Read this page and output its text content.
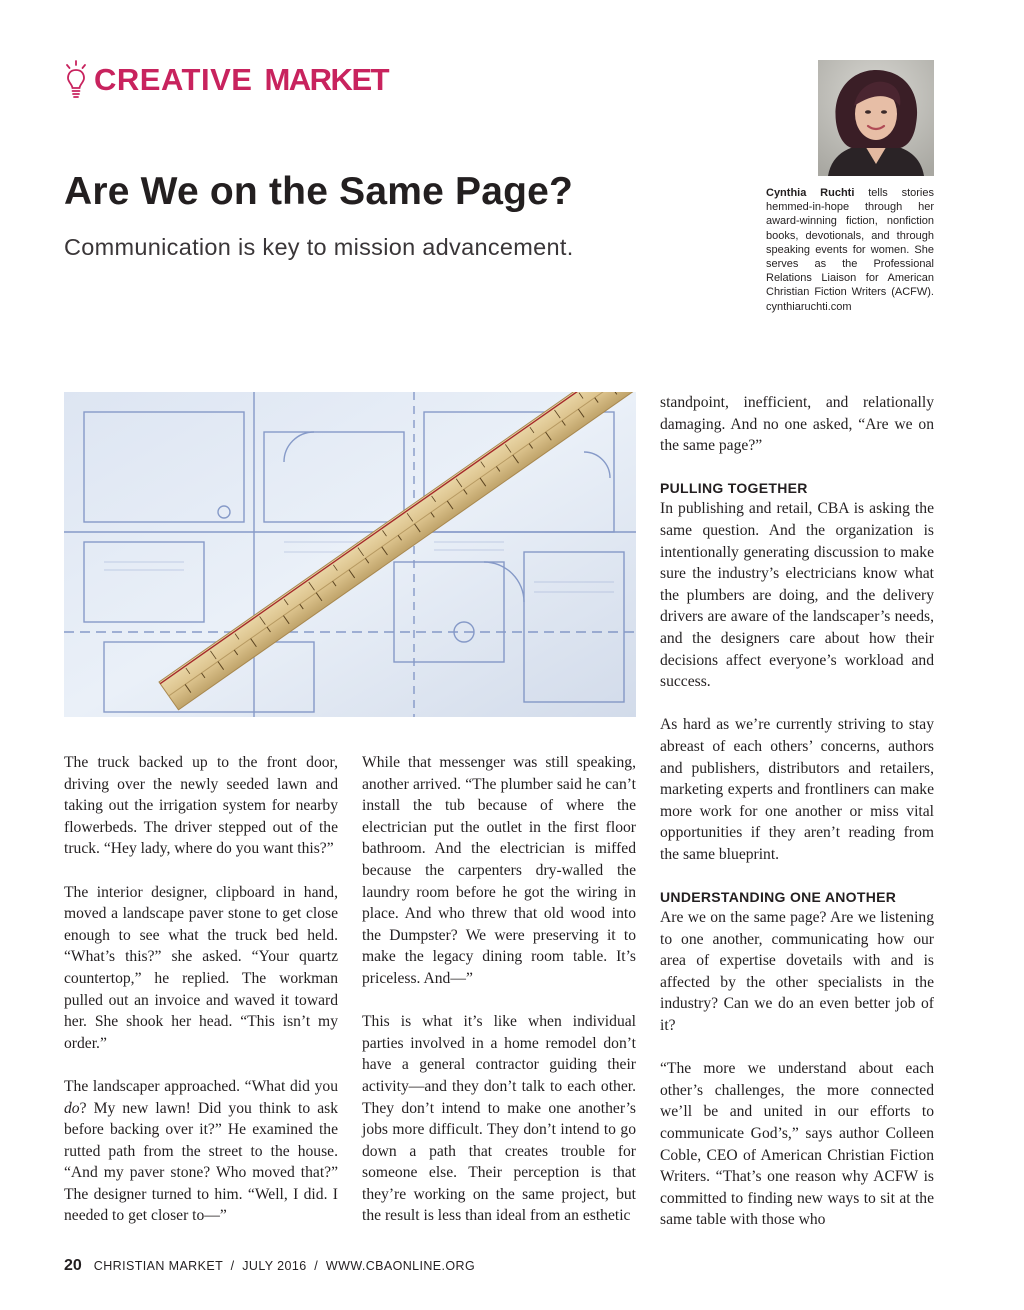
CREATIVE MARKET
Are We on the Same Page?

Communication is key to mission advancement.

Cynthia Ruchti tells stories hemmed-in-hope through her award-winning fiction, nonfiction books, devotionals, and through speaking events for women. She serves as the Professional Relations Liaison for American Christian Fiction Writers (ACFW). cynthiaruchti.com

The truck backed up to the front door, driving over the newly seeded lawn and taking out the irrigation system for nearby flowerbeds. The driver stepped out of the truck. “Hey lady, where do you want this?”

The interior designer, clipboard in hand, moved a landscape paver stone to get close enough to see what the truck bed held. “What’s this?” she asked. “Your quartz countertop,” he replied. The workman pulled out an invoice and waved it toward her. She shook her head. “This isn’t my order.”

The landscaper approached. “What did you do? My new lawn! Did you think to ask before backing over it?” He examined the rutted path from the street to the house. “And my paver stone? Who moved that?” The designer turned to him. “Well, I did. I needed to get closer to—”

While that messenger was still speaking, another arrived. “The plumber said he can’t install the tub because of where the electrician put the outlet in the first floor bathroom. And the electrician is miffed because the carpenters dry-walled the laundry room before he got the wiring in place. And who threw that old wood into the Dumpster? We were preserving it to make the legacy dining room table. It’s priceless. And—”

This is what it’s like when individual parties involved in a home remodel don’t have a general contractor guiding their activity—and they don’t talk to each other. They don’t intend to make one another’s jobs more difficult. They don’t intend to go down a path that creates trouble for someone else. Their perception is that they’re working on the same project, but the result is less than ideal from an esthetic

standpoint, inefficient, and relationally damaging. And no one asked, “Are we on the same page?”

PULLING TOGETHER

In publishing and retail, CBA is asking the same question. And the organization is intentionally generating discussion to make sure the industry’s electricians know what the plumbers are doing, and the delivery drivers are aware of the landscaper’s needs, and the designers care about how their decisions affect everyone’s workload and success.

As hard as we’re currently striving to stay abreast of each others’ concerns, authors and publishers, distributors and retailers, marketing experts and frontliners can make more work for one another or miss vital opportunities if they aren’t reading from the same blueprint.

UNDERSTANDING ONE ANOTHER

Are we on the same page? Are we listening to one another, communicating how our area of expertise dovetails with and is affected by the other specialists in the industry? Can we do an even better job of it?

“The more we understand about each other’s challenges, the more connected we’ll be and united in our efforts to communicate God’s,” says author Colleen Coble, CEO of American Christian Fiction Writers. “That’s one reason why ACFW is committed to finding new ways to sit at the same table with those who

20 CHRISTIAN MARKET  /  JULY 2016  /  WWW.CBAONLINE.ORG
